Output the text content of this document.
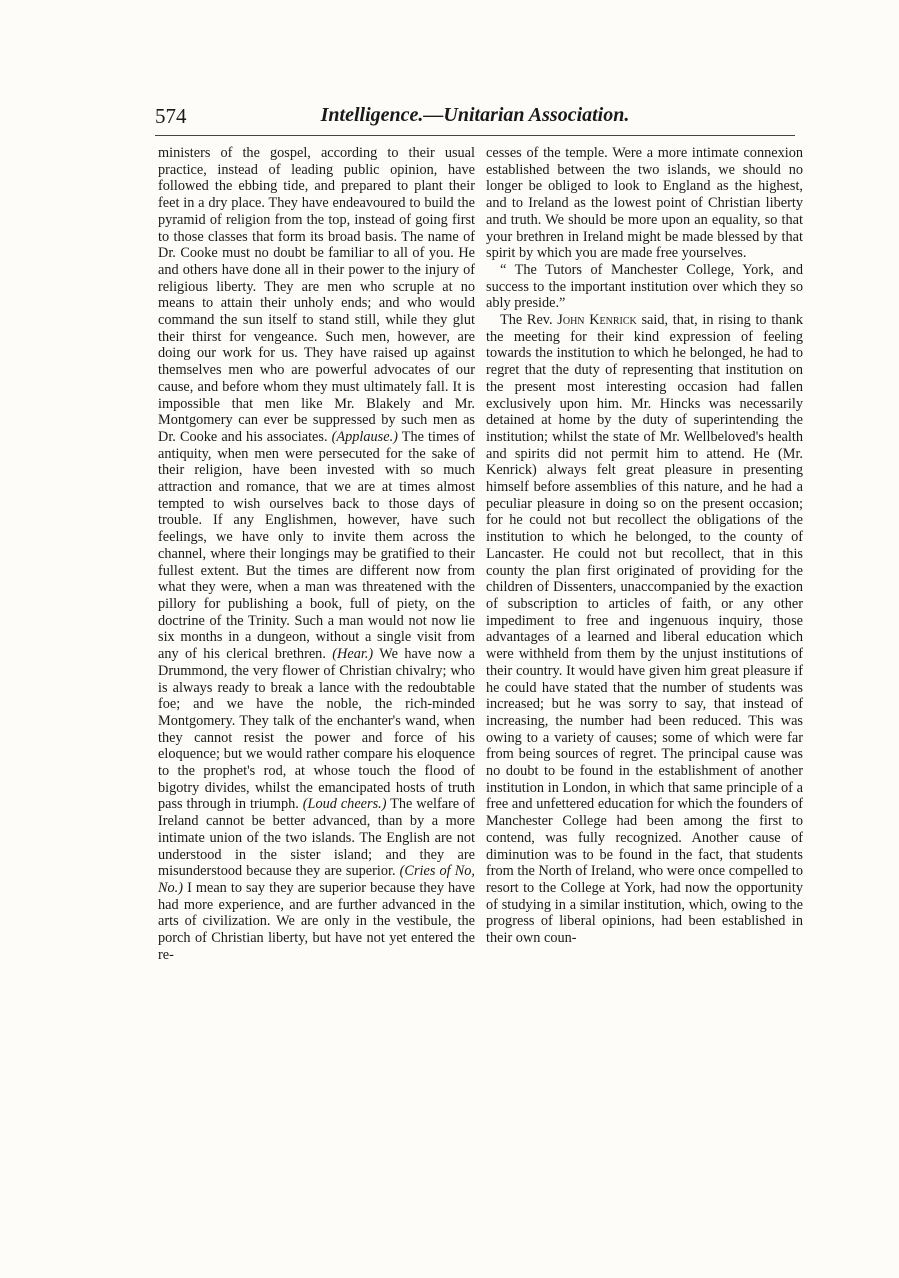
574	Intelligence.—Unitarian Association.

ministers of the gospel, according to their usual practice, instead of leading public opinion, have followed the ebbing tide, and prepared to plant their feet in a dry place. They have endeavoured to build the pyramid of religion from the top, instead of going first to those classes that form its broad basis. The name of Dr. Cooke must no doubt be familiar to all of you. He and others have done all in their power to the injury of religious liberty. They are men who scruple at no means to attain their unholy ends; and who would command the sun itself to stand still, while they glut their thirst for vengeance. Such men, however, are doing our work for us. They have raised up against themselves men who are powerful advocates of our cause, and before whom they must ultimately fall. It is impossible that men like Mr. Blakely and Mr. Montgomery can ever be suppressed by such men as Dr. Cooke and his associates. (Applause.) The times of antiquity, when men were persecuted for the sake of their religion, have been invested with so much attraction and romance, that we are at times almost tempted to wish ourselves back to those days of trouble. If any Englishmen, however, have such feelings, we have only to invite them across the channel, where their longings may be gratified to their fullest extent. But the times are different now from what they were, when a man was threatened with the pillory for publishing a book, full of piety, on the doctrine of the Trinity. Such a man would not now lie six months in a dungeon, without a single visit from any of his clerical brethren. (Hear.) We have now a Drummond, the very flower of Christian chivalry; who is always ready to break a lance with the redoubtable foe; and we have the noble, the rich-minded Montgomery. They talk of the enchanter's wand, when they cannot resist the power and force of his eloquence; but we would rather compare his eloquence to the prophet's rod, at whose touch the flood of bigotry divides, whilst the emancipated hosts of truth pass through in triumph. (Loud cheers.) The welfare of Ireland cannot be better advanced, than by a more intimate union of the two islands. The English are not understood in the sister island; and they are misunderstood because they are superior. (Cries of No, No.) I mean to say they are superior because they have had more experience, and are further advanced in the arts of civilization. We are only in the vestibule, the porch of Christian liberty, but have not yet entered the re-

cesses of the temple. Were a more intimate connexion established between the two islands, we should no longer be obliged to look to England as the highest, and to Ireland as the lowest point of Christian liberty and truth. We should be more upon an equality, so that your brethren in Ireland might be made blessed by that spirit by which you are made free yourselves.

“ The Tutors of Manchester College, York, and success to the important institution over which they so ably preside.”

The Rev. John Kenrick said, that, in rising to thank the meeting for their kind expression of feeling towards the institution to which he belonged, he had to regret that the duty of representing that institution on the present most interesting occasion had fallen exclusively upon him. Mr. Hincks was necessarily detained at home by the duty of superintending the institution; whilst the state of Mr. Wellbeloved's health and spirits did not permit him to attend. He (Mr. Kenrick) always felt great pleasure in presenting himself before assemblies of this nature, and he had a peculiar pleasure in doing so on the present occasion; for he could not but recollect the obligations of the institution to which he belonged, to the county of Lancaster. He could not but recollect, that in this county the plan first originated of providing for the children of Dissenters, unaccompanied by the exaction of subscription to articles of faith, or any other impediment to free and ingenuous inquiry, those advantages of a learned and liberal education which were withheld from them by the unjust institutions of their country. It would have given him great pleasure if he could have stated that the number of students was increased; but he was sorry to say, that instead of increasing, the number had been reduced. This was owing to a variety of causes; some of which were far from being sources of regret. The principal cause was no doubt to be found in the establishment of another institution in London, in which that same principle of a free and unfettered education for which the founders of Manchester College had been among the first to contend, was fully recognized. Another cause of diminution was to be found in the fact, that students from the North of Ireland, who were once compelled to resort to the College at York, had now the opportunity of studying in a similar institution, which, owing to the progress of liberal opinions, had been established in their own coun-
